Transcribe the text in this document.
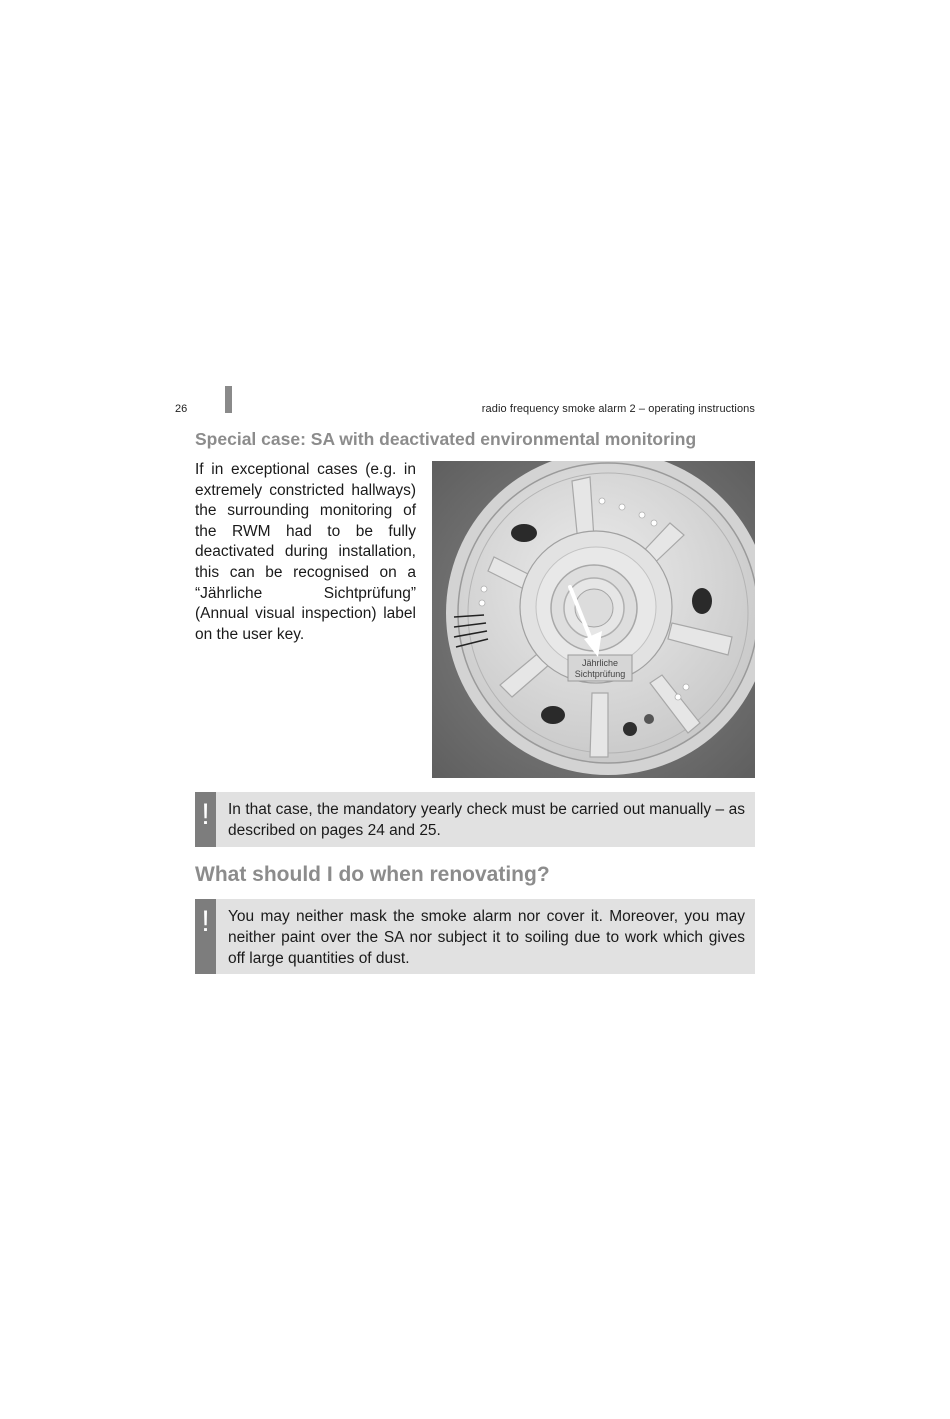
26	radio frequency smoke alarm 2 – operating instructions
Special case: SA with deactivated environmental monitoring

If in exceptional cases (e.g. in extremely constricted hallways) the surrounding monitoring of the RWM had to be fully deactivated during installation, this can be recognised on a “Jährliche Sichtprüfung” (Annual visual inspection) label on the user key.

Jährliche
Sichtprüfung
!	In that case, the mandatory yearly check must be carried out manually – as described on pages 24 and 25.

What should I do when renovating?
!	You may neither mask the smoke alarm nor cover it. Moreover, you may neither paint over the SA nor subject it to soiling due to work which gives off large quantities of dust.
